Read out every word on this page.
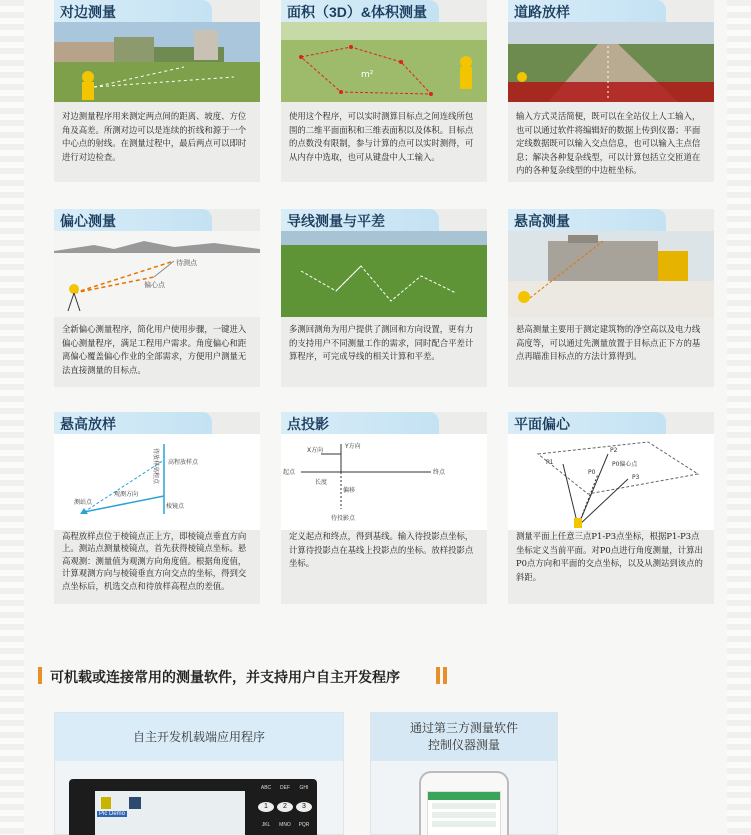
对边测量
对边测量程序用来测定两点间的距离、坡度、方位角及高差。所测对边可以是连续的折线和源于一个中心点的射线。在测量过程中，最后两点可以即时进行对边检查。
面积（3D）&体积测量
m²
使用这个程序，可以实时测算目标点之间连线所包围的二维平面面积和三维表面积以及体积。目标点的点数没有限制，参与计算的点可以实时测得，可从内存中选取，也可从键盘中人工输入。
道路放样
输入方式灵活简便，既可以在全站仪上人工输入，也可以通过软件将编辑好的数据上传到仪器；平面定线数据既可以输入交点信息，也可以输入主点信息；解决各种复杂线型，可以计算包括立交匝道在内的各种复杂线型的中边桩坐标。
偏心测量
待测点
偏心点
全新偏心测量程序，简化用户使用步骤，一键进入偏心测量程序，满足工程用户需求。角度偏心和距离偏心覆盖偏心作业的全部需求，方便用户测量无法直接测量的目标点。
导线测量与平差
多测回测角为用户提供了测回和方向设置，更有力的支持用户不同测量工作的需求，同时配合平差计算程序，可完成导线的相关计算和平差。
悬高测量
悬高测量主要用于测定建筑物的净空高以及电力线高度等，可以通过先测量放置于目标点正下方的基点再瞄准目标点的方法计算得到。
悬高放样
高程放样点
待放样高程点
观测方向
测站点
棱镜点
高程放样点位于棱镜点正上方，即棱镜点垂直方向上。测站点测量棱镜点，首先获得棱镜点坐标。悬高观测：测量值为观测方向角度值。根据角度值，计算观测方向与棱镜垂直方向交点的坐标，得到交点坐标后，机选交点和待放样高程点的差值。
点投影
X方向
Y方向
起点	终点
长度
偏移
待投影点
定义起点和终点，得到基线。输入待投影点坐标，计算待投影点在基线上投影点的坐标。放样投影点坐标。
平面偏心
P1
P2
P3
P0
P0偏心点
测量平面上任意三点P1-P3点坐标，根据P1-P3点坐标定义当前平面。对P0点进行角度测量，计算出P0点方向和平面的交点坐标，以及从测站到该点的斜距。
可机载或连接常用的测量软件，并支持用户自主开发程序
自主开发机载端应用程序
Pic Demo
ABC	DEF	GHI
1	2	3
JKL	MNO	PQR
通过第三方测量软件
控制仪器测量
